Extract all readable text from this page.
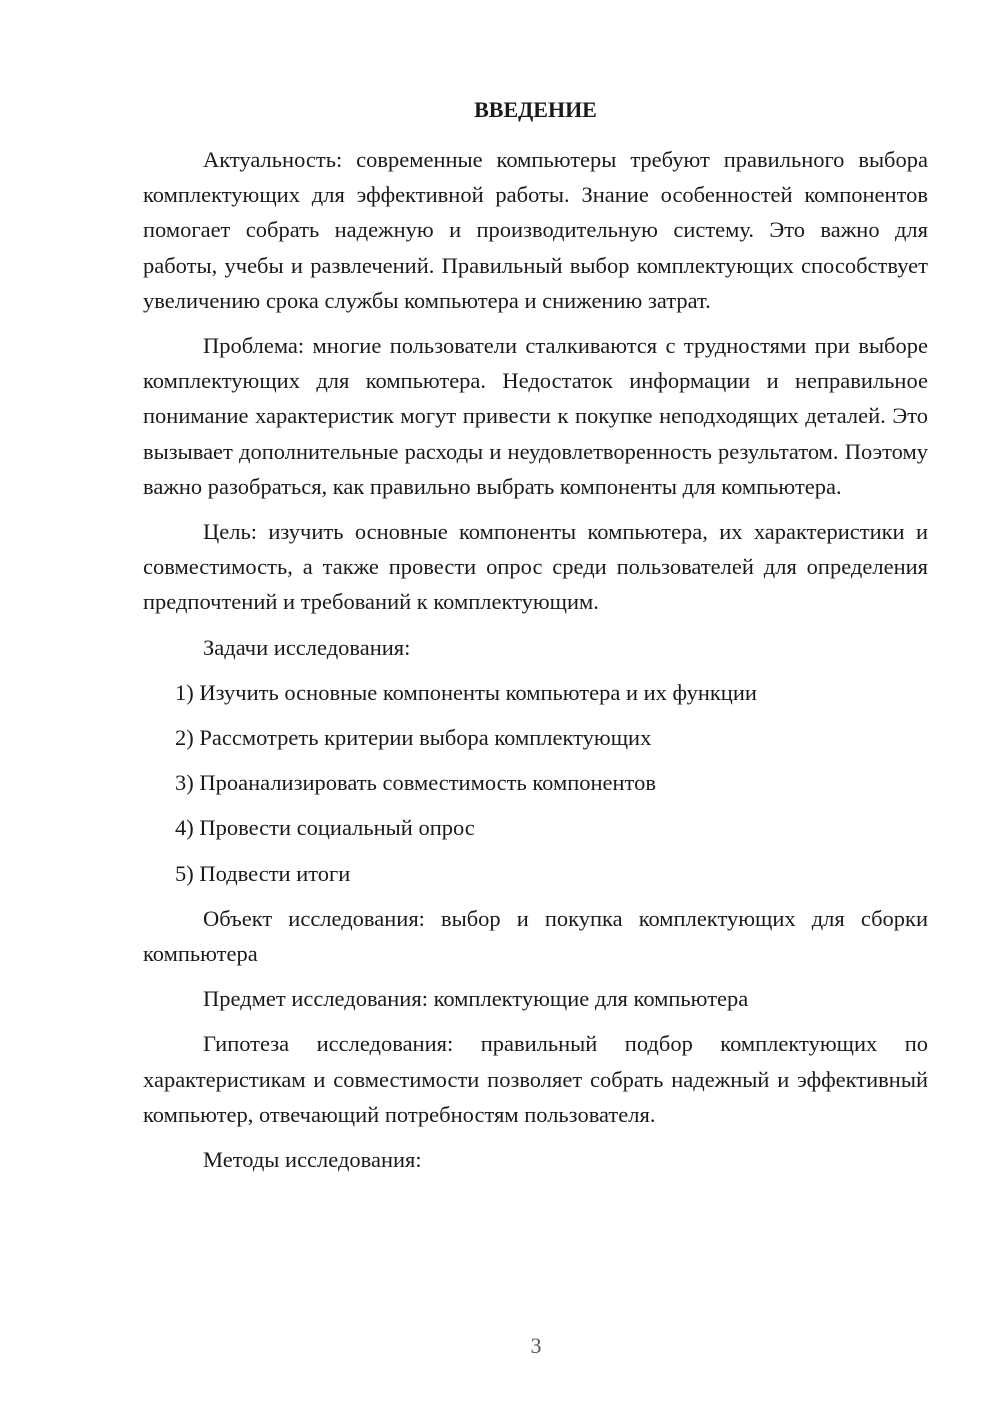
ВВЕДЕНИЕ

Актуальность: современные компьютеры требуют правильного выбора комплектующих для эффективной работы. Знание особенностей компонентов помогает собрать надежную и производительную систему. Это важно для работы, учебы и развлечений. Правильный выбор комплектующих способствует увеличению срока службы компьютера и снижению затрат.

Проблема: многие пользователи сталкиваются с трудностями при выборе комплектующих для компьютера. Недостаток информации и неправильное понимание характеристик могут привести к покупке неподходящих деталей. Это вызывает дополнительные расходы и неудовлетворенность результатом. Поэтому важно разобраться, как правильно выбрать компоненты для компьютера.

Цель: изучить основные компоненты компьютера, их характеристики и совместимость, а также провести опрос среди пользователей для определения предпочтений и требований к комплектующим.

Задачи исследования:

1) Изучить основные компоненты компьютера и их функции

2) Рассмотреть критерии выбора комплектующих

3) Проанализировать совместимость компонентов

4) Провести социальный опрос

5) Подвести итоги

Объект исследования: выбор и покупка комплектующих для сборки компьютера

Предмет исследования: комплектующие для компьютера

Гипотеза исследования: правильный подбор комплектующих по характеристикам и совместимости позволяет собрать надежный и эффективный компьютер, отвечающий потребностям пользователя.

Методы исследования:

3
